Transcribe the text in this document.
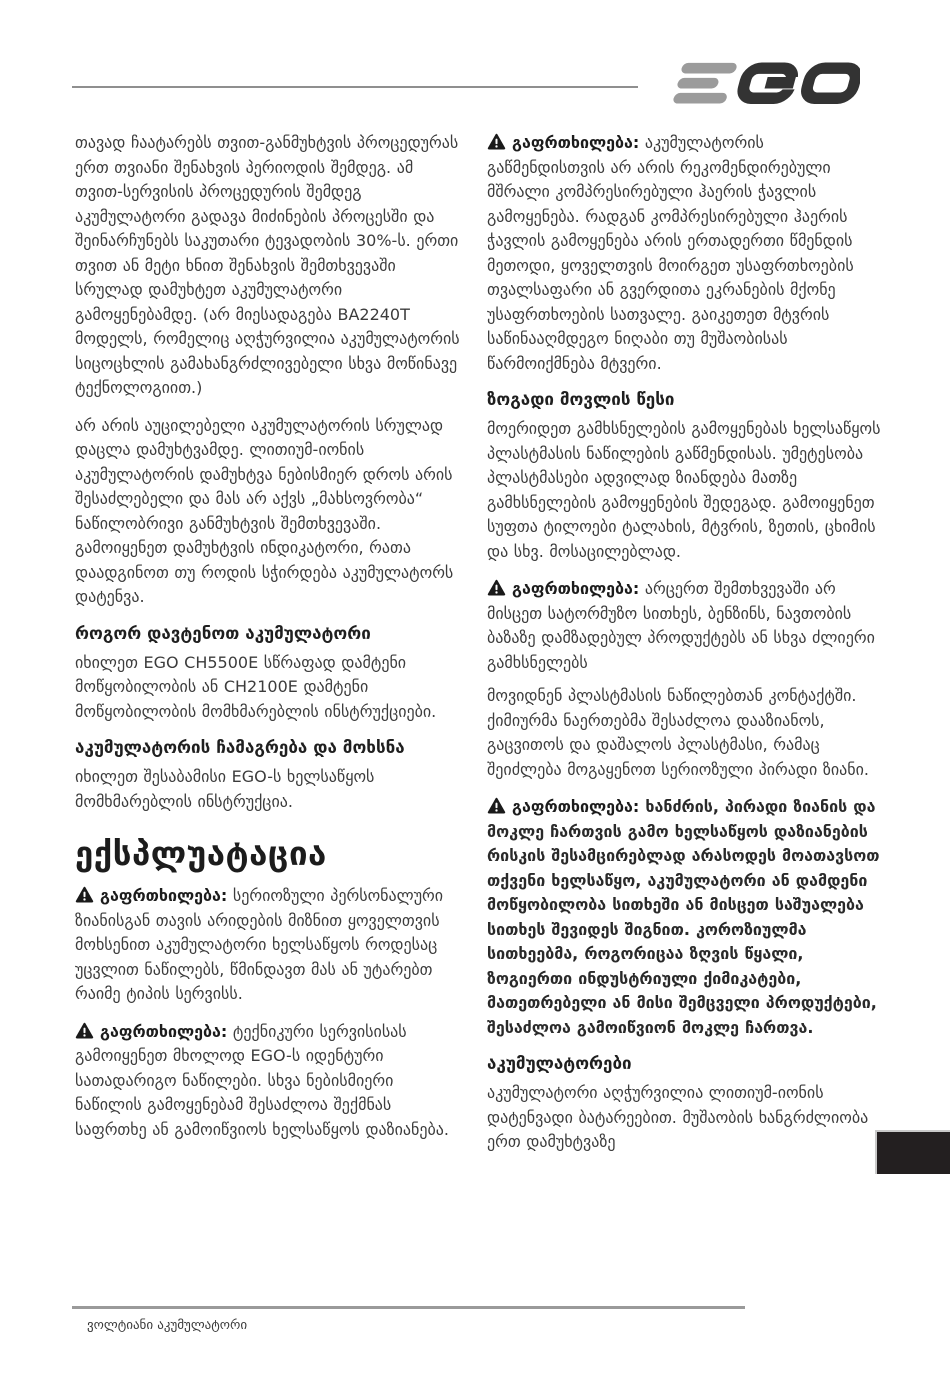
თავად ჩაატარებს თვით-განმუხტვის პროცედურას ერთ თვიანი შენახვის პერიოდის შემდეგ. ამ თვით-სერვისის პროცედურის შემდეგ აკუმულატორი გადავა მიძინების პროცესში და შეინარჩუნებს საკუთარი ტევადობის 30%-ს. ერთი თვით ან მეტი ხნით შენახვის შემთხვევაში სრულად დამუხტეთ აკუმულატორი გამოყენებამდე. (არ მიესადაგება BA2240T მოდელს, რომელიც აღჭურვილია აკუმულატორის სიცოცხლის გამახანგრძლივებელი სხვა მოწინავე ტექნოლოგიით.)

არ არის აუცილებელი აკუმულატორის სრულად დაცლა დამუხტვამდე. ლითიუმ-იონის აკუმულატორის დამუხტვა ნებისმიერ დროს არის შესაძლებელი და მას არ აქვს „მახსოვრობა“ ნაწილობრივი განმუხტვის შემთხვევაში. გამოიყენეთ დამუხტვის ინდიკატორი, რათა დაადგინოთ თუ როდის სჭირდება აკუმულატორს დატენვა.

როგორ დავტენოთ აკუმულატორი

იხილეთ EGO CH5500E სწრაფად დამტენი მოწყობილობის ან CH2100E დამტენი მოწყობილობის მომხმარებლის ინსტრუქციები.

აკუმულატორის ჩამაგრება და მოხსნა

იხილეთ შესაბამისი EGO-ს ხელსაწყოს მომხმარებლის ინსტრუქცია.

ექსპლუატაცია

გაფრთხილება: სერიოზული პერსონალური ზიანისგან თავის არიდების მიზნით ყოველთვის მოხსენით აკუმულატორი ხელსაწყოს როდესაც უცვლით ნაწილებს, წმინდავთ მას ან უტარებთ რაიმე ტიპის სერვისს.

გაფრთხილება: ტექნიკური სერვისისას გამოიყენეთ მხოლოდ EGO-ს იდენტური სათადარიგო ნაწილები. სხვა ნებისმიერი ნაწილის გამოყენებამ შესაძლოა შექმნას საფრთხე ან გამოიწვიოს ხელსაწყოს დაზიანება.

გაფრთხილება: აკუმულატორის გაწმენდისთვის არ არის რეკომენდირებული მშრალი კომპრესირებული ჰაერის ჭავლის გამოყენება. რადგან კომპრესირებული ჰაერის ჭავლის გამოყენება არის ერთადერთი წმენდის მეთოდი, ყოველთვის მოირგეთ უსაფრთხოების თვალსაფარი ან გვერდითა ეკრანების მქონე უსაფრთხოების სათვალე. გაიკეთეთ მტვრის საწინააღმდეგო ნიღაბი თუ მუშაობისას წარმოიქმნება მტვერი.

ზოგადი მოვლის წესი

მოერიდეთ გამხსნელების გამოყენებას ხელსაწყოს პლასტმასის ნაწილების გაწმენდისას. უმეტესობა პლასტმასები ადვილად ზიანდება მათზე გამხსნელების გამოყენების შედეგად. გამოიყენეთ სუფთა ტილოები ტალახის, მტვრის, ზეთის, ცხიმის და სხვ. მოსაცილებლად.

გაფრთხილება: არცერთ შემთხვევაში არ მისცეთ სატორმუზო სითხეს, ბენზინს, ნავთობის ბაზაზე დამზადებულ პროდუქტებს ან სხვა ძლიერი გამხსნელებს
მოვიდნენ პლასტმასის ნაწილებთან კონტაქტში. ქიმიურმა ნაერთებმა შესაძლოა დააზიანოს, გაცვითოს და დაშალოს პლასტმასი, რამაც შეიძლება მოგაყენოთ სერიოზული პირადი ზიანი.

გაფრთხილება: ხანძრის, პირადი ზიანის და მოკლე ჩართვის გამო ხელსაწყოს დაზიანების რისკის შესამცირებლად არასოდეს მოათავსოთ თქვენი ხელსაწყო, აკუმულატორი ან დამდენი მოწყობილობა სითხეში ან მისცეთ საშუალება სითხეს შევიდეს შიგნით. კოროზიულმა სითხეებმა, როგორიცაა ზღვის წყალი, ზოგიერთი ინდუსტრიული ქიმიკატები, მათეთრებელი ან მისი შემცველი პროდუქტები, შესაძლოა გამოიწვიონ მოკლე ჩართვა.

აკუმულატორები

აკუმულატორი აღჭურვილია ლითიუმ-იონის დატენვადი ბატარეებით. მუშაობის ხანგრძლიობა ერთ დამუხტვაზე

ვოლტიანი აკუმულატორი
